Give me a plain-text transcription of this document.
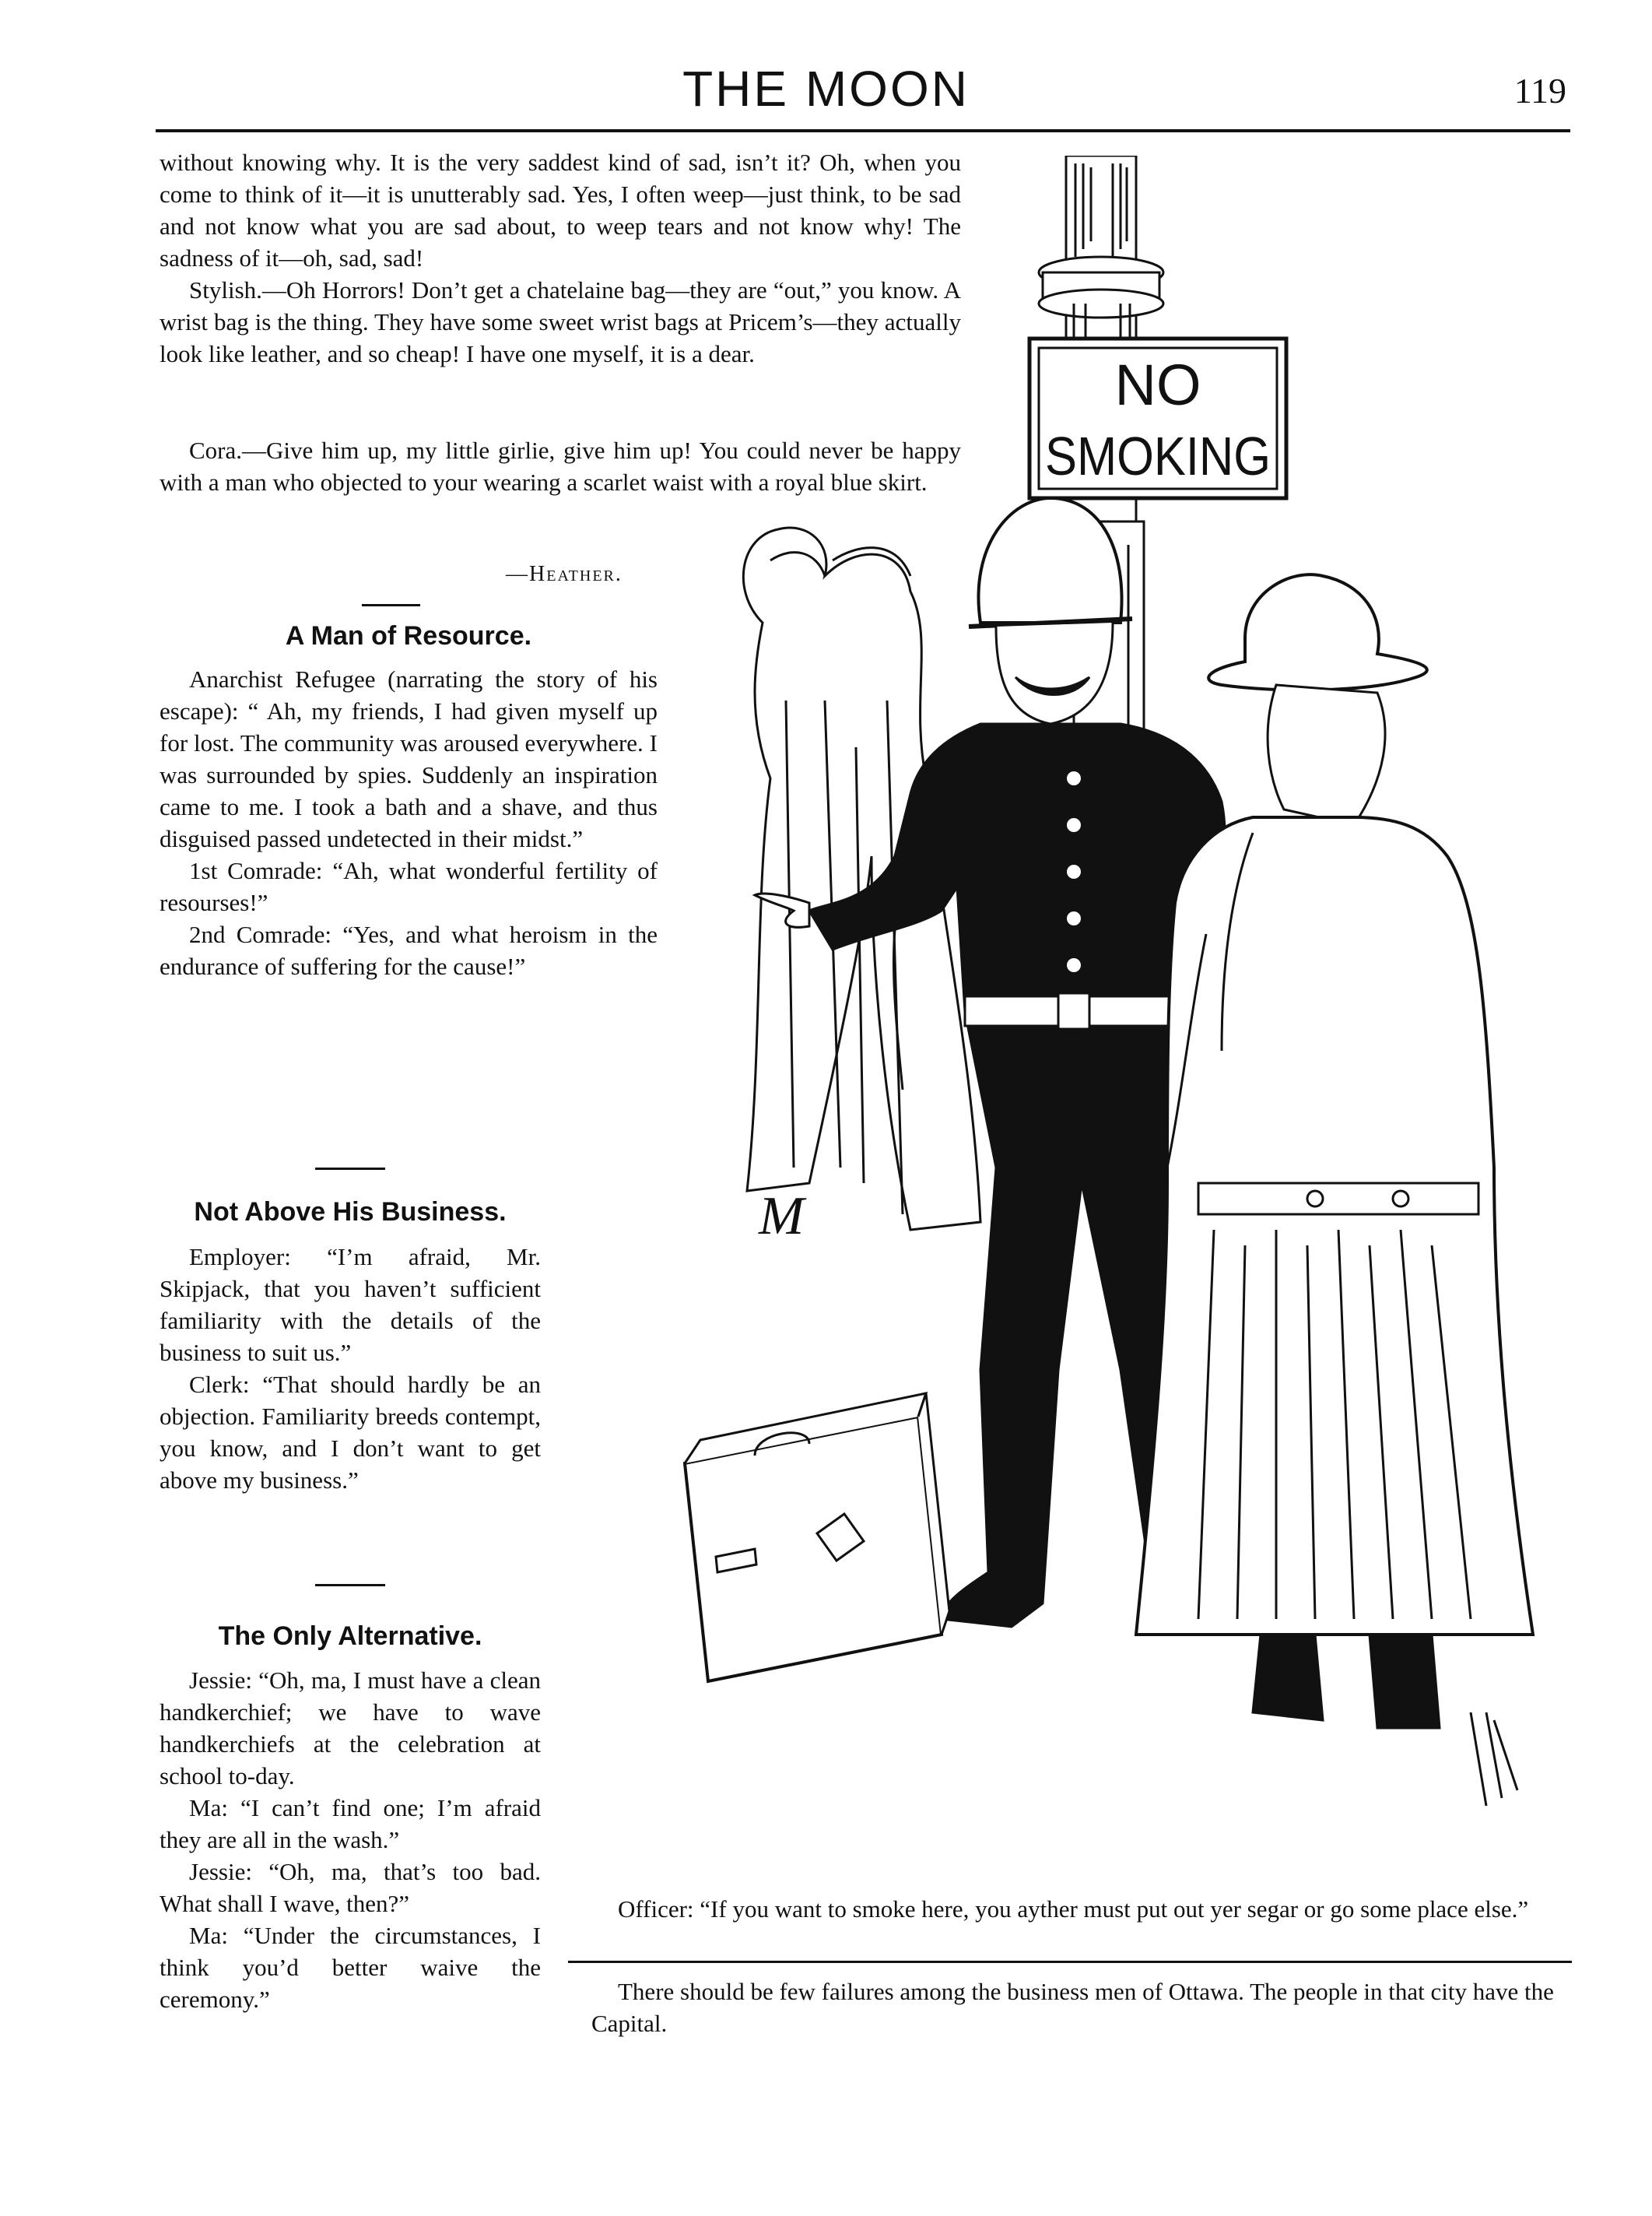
THE MOON	119

without knowing why. It is the very saddest kind of sad, isn’t it? Oh, when you come to think of it—it is unutterably sad. Yes, I often weep—just think, to be sad and not know what you are sad about, to weep tears and not know why! The sadness of it—oh, sad, sad!

Stylish.—Oh Horrors! Don’t get a chatelaine bag—they are “out,” you know. A wrist bag is the thing. They have some sweet wrist bags at Pricem’s—they actually look like leather, and so cheap! I have one myself, it is a dear.

Cora.—Give him up, my little girlie, give him up! You could never be happy with a man who objected to your wearing a scarlet waist with a royal blue skirt.

—Heather.
A Man of Resource.

Anarchist Refugee (narrating the story of his escape): “ Ah, my friends, I had given myself up for lost. The community was aroused everywhere. I was surrounded by spies. Suddenly an inspiration came to me. I took a bath and a shave, and thus disguised passed undetected in their midst.”

1st Comrade: “Ah, what wonderful fertility of resourses!”

2nd Comrade: “Yes, and what heroism in the endurance of suffering for the cause!”

Not Above His Business.

Employer: “I’m afraid, Mr. Skipjack, that you haven’t sufficient familiarity with the details of the business to suit us.”

Clerk: “That should hardly be an objection. Familiarity breeds contempt, you know, and I don’t want to get above my business.”

The Only Alternative.

Jessie: “Oh, ma, I must have a clean handkerchief; we have to wave handkerchiefs at the celebration at school to-day.

Ma: “I can’t find one; I’m afraid they are all in the wash.”

Jessie: “Oh, ma, that’s too bad. What shall I wave, then?”

Ma: “Under the circumstances, I think you’d better waive the ceremony.”

NO
SMOKING
M

Officer: “If you want to smoke here, you ayther must put out yer segar or go some place else.”

There should be few failures among the business men of Ottawa. The people in that city have the Capital.
